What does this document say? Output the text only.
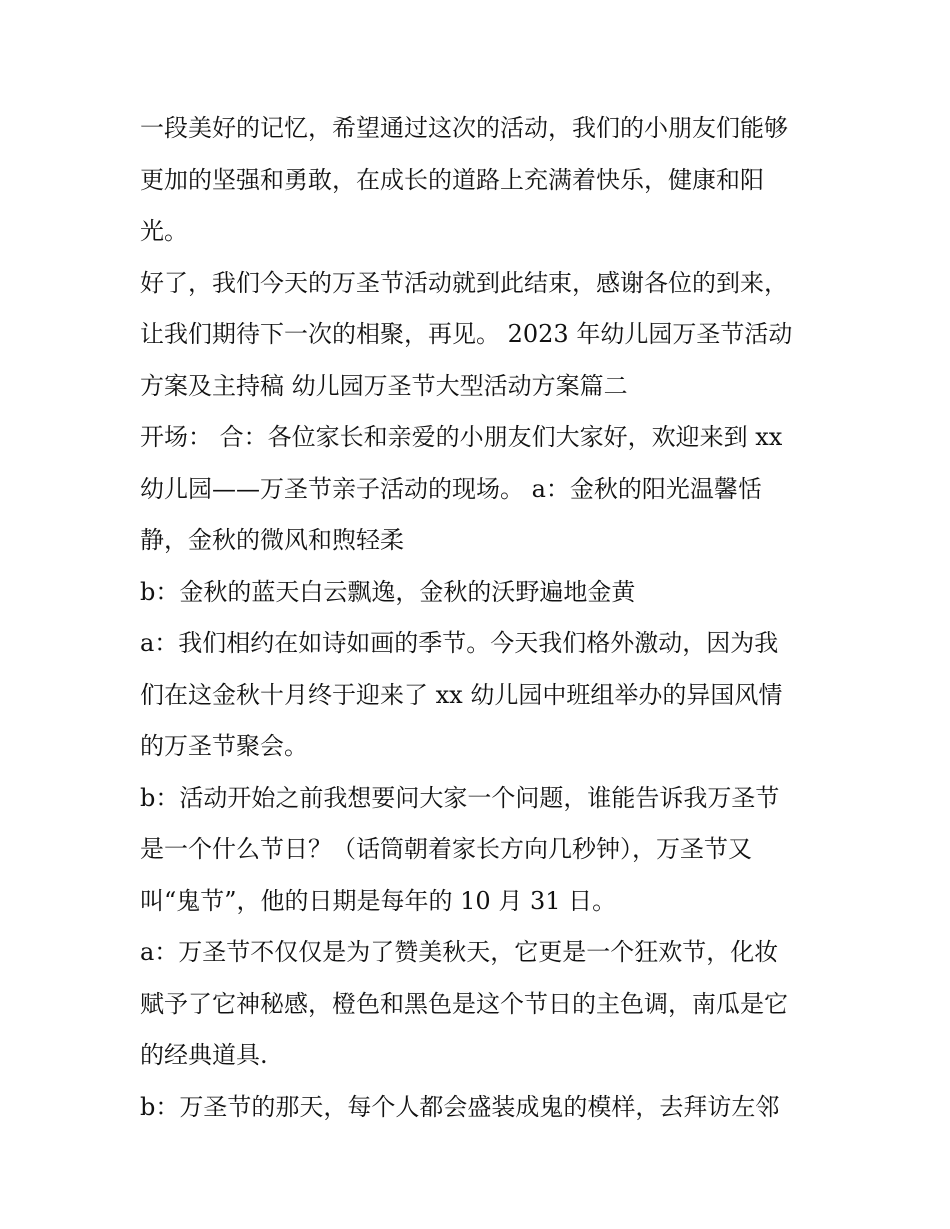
一段美好的记忆，希望通过这次的活动，我们的小朋友们能够
更加的坚强和勇敢，在成长的道路上充满着快乐，健康和阳
光。

好了，我们今天的万圣节活动就到此结束，感谢各位的到来，
让我们期待下一次的相聚，再见。 2023 年幼儿园万圣节活动
方案及主持稿 幼儿园万圣节大型活动方案篇二

开场： 合：各位家长和亲爱的小朋友们大家好，欢迎来到 xx
幼儿园——万圣节亲子活动的现场。 a：金秋的阳光温馨恬
静，金秋的微风和煦轻柔

b：金秋的蓝天白云飘逸，金秋的沃野遍地金黄

a：我们相约在如诗如画的季节。今天我们格外激动，因为我
们在这金秋十月终于迎来了 xx 幼儿园中班组举办的异国风情
的万圣节聚会。

b：活动开始之前我想要问大家一个问题，谁能告诉我万圣节
是一个什么节日？（话筒朝着家长方向几秒钟），万圣节又
叫“鬼节”，他的日期是每年的 10 月 31 日。

a：万圣节不仅仅是为了赞美秋天，它更是一个狂欢节，化妆
赋予了它神秘感，橙色和黑色是这个节日的主色调，南瓜是它
的经典道具.

b：万圣节的那天，每个人都会盛装成鬼的模样，去拜访左邻
